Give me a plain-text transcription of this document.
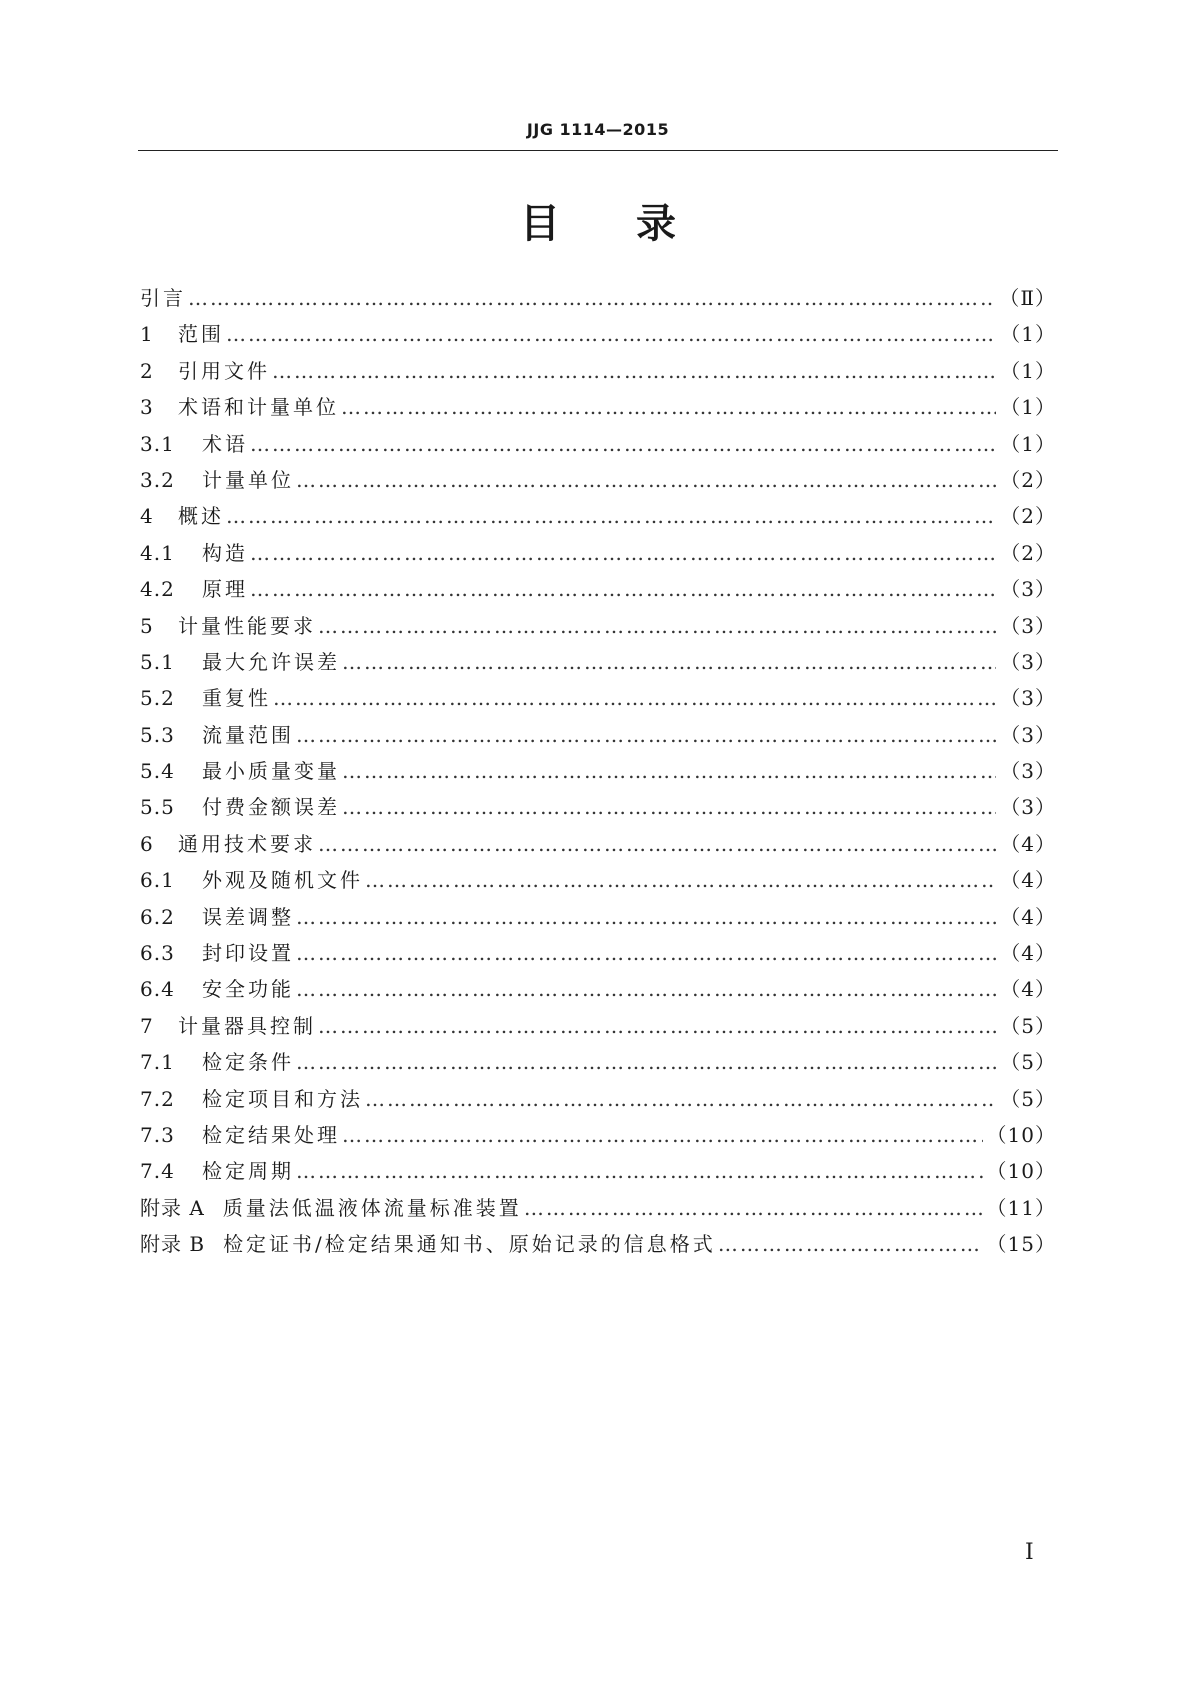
JJG 1114—2015
目 录
引言 ……………………………………………………………………………………………………………………………………………………………………………………	（Ⅱ）
1	范围 ……………………………………………………………………………………………………………………………………………………………………………………	（1）
2	引用文件 ……………………………………………………………………………………………………………………………………………………………………………………	（1）
3	术语和计量单位 ……………………………………………………………………………………………………………………………………………………………………………………	（1）
3.1	术语 ……………………………………………………………………………………………………………………………………………………………………………………	（1）
3.2	计量单位 ……………………………………………………………………………………………………………………………………………………………………………………	（2）
4	概述 ……………………………………………………………………………………………………………………………………………………………………………………	（2）
4.1	构造 ……………………………………………………………………………………………………………………………………………………………………………………	（2）
4.2	原理 ……………………………………………………………………………………………………………………………………………………………………………………	（3）
5	计量性能要求 ……………………………………………………………………………………………………………………………………………………………………………………	（3）
5.1	最大允许误差 ……………………………………………………………………………………………………………………………………………………………………………………	（3）
5.2	重复性 ……………………………………………………………………………………………………………………………………………………………………………………	（3）
5.3	流量范围 ……………………………………………………………………………………………………………………………………………………………………………………	（3）
5.4	最小质量变量 ……………………………………………………………………………………………………………………………………………………………………………………	（3）
5.5	付费金额误差 ……………………………………………………………………………………………………………………………………………………………………………………	（3）
6	通用技术要求 ……………………………………………………………………………………………………………………………………………………………………………………	（4）
6.1	外观及随机文件 ……………………………………………………………………………………………………………………………………………………………………………………	（4）
6.2	误差调整 ……………………………………………………………………………………………………………………………………………………………………………………	（4）
6.3	封印设置 ……………………………………………………………………………………………………………………………………………………………………………………	（4）
6.4	安全功能 ……………………………………………………………………………………………………………………………………………………………………………………	（4）
7	计量器具控制 ……………………………………………………………………………………………………………………………………………………………………………………	（5）
7.1	检定条件 ……………………………………………………………………………………………………………………………………………………………………………………	（5）
7.2	检定项目和方法 ……………………………………………………………………………………………………………………………………………………………………………………	（5）
7.3	检定结果处理 ……………………………………………………………………………………………………………………………………………………………………………………	（10）
7.4	检定周期 ……………………………………………………………………………………………………………………………………………………………………………………	（10）
附录 A 质量法低温液体流量标准装置 ……………………………………………………………………………………………………………………………………………………………………………………	（11）
附录 B 检定证书/检定结果通知书、原始记录的信息格式 ……………………………………………………………………………………………………………………………………………………………………………………	（15）
Ⅰ
